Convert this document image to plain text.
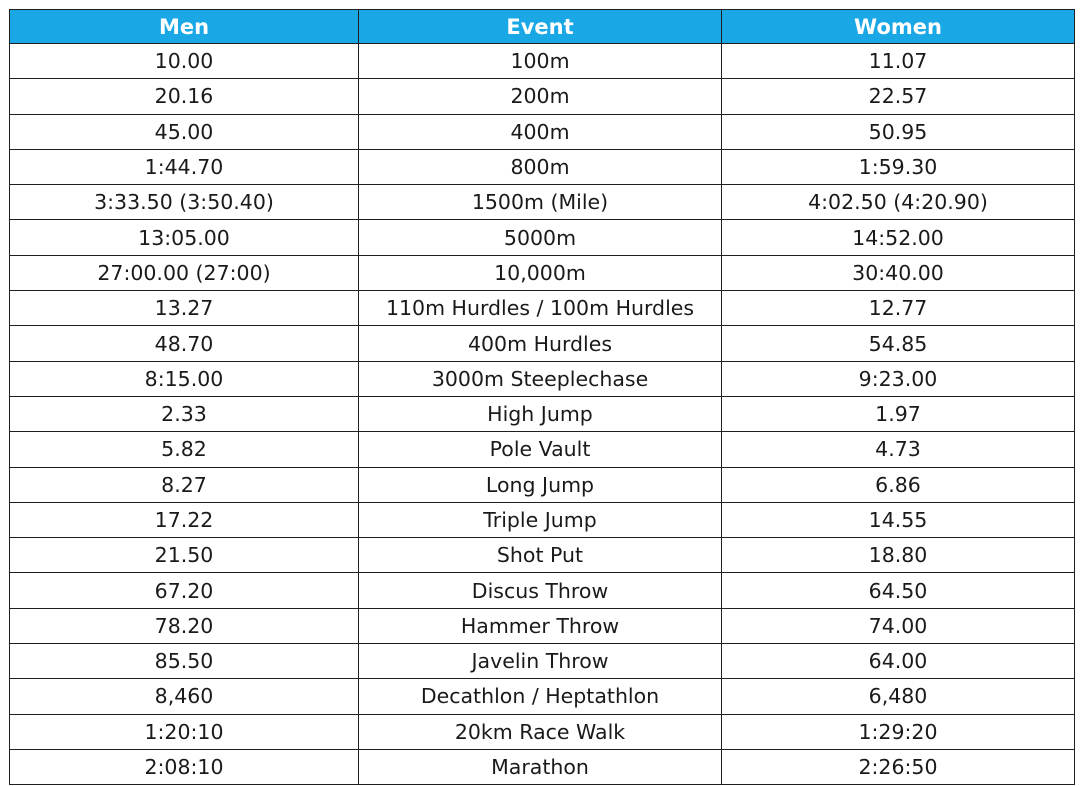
Men	Event	Women
10.00	100m	11.07
20.16	200m	22.57
45.00	400m	50.95
1:44.70	800m	1:59.30
3:33.50 (3:50.40)	1500m (Mile)	4:02.50 (4:20.90)
13:05.00	5000m	14:52.00
27:00.00 (27:00)	10,000m	30:40.00
13.27	110m Hurdles / 100m Hurdles	12.77
48.70	400m Hurdles	54.85
8:15.00	3000m Steeplechase	9:23.00
2.33	High Jump	1.97
5.82	Pole Vault	4.73
8.27	Long Jump	6.86
17.22	Triple Jump	14.55
21.50	Shot Put	18.80
67.20	Discus Throw	64.50
78.20	Hammer Throw	74.00
85.50	Javelin Throw	64.00
8,460	Decathlon / Heptathlon	6,480
1:20:10	20km Race Walk	1:29:20
2:08:10	Marathon	2:26:50
